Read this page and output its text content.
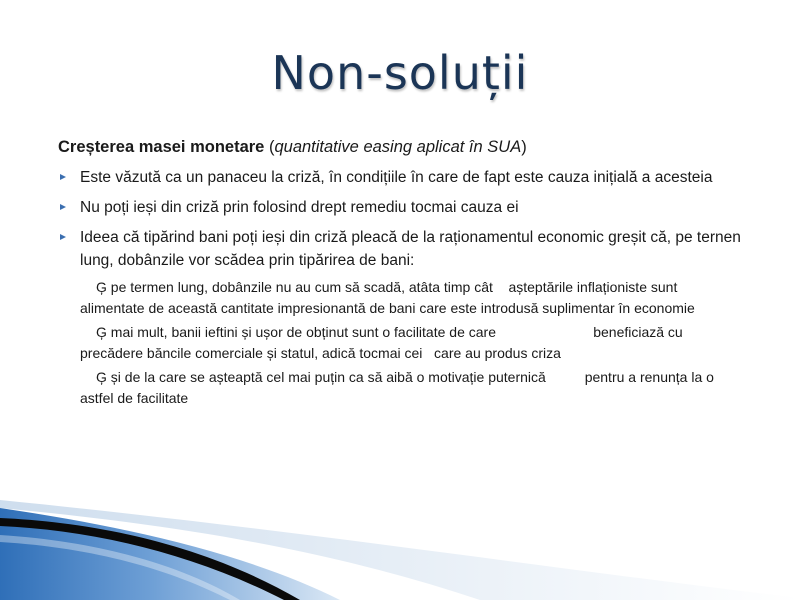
Non-soluții
Creșterea masei monetare (quantitative easing aplicat în SUA)
Este văzută ca un panaceu la criză, în condițiile în care de fapt este cauza inițială a acesteia
Nu poți ieși din criză prin folosind drept remediu tocmai cauza ei
Ideea că tipărind bani poți ieși din criză pleacă de la raționamentul economic greșit că, pe ternen lung, dobânzile vor scădea prin tipărirea de bani:
Ģ pe termen lung, dobânzile nu au cum să scadă, atâta timp cât    așteptările inflaționiste sunt
alimentate de această cantitate impresionantă de bani care este introdusă suplimentar în economie
Ģ mai mult, banii ieftini și ușor de obținut sunt o facilitate de care                         beneficiază cu
precădere băncile comerciale și statul, adică tocmai cei   care au produs criza
Ģ și de la care se așteaptă cel mai puțin ca să aibă o motivație puternică          pentru a renunța la o
astfel de facilitate
